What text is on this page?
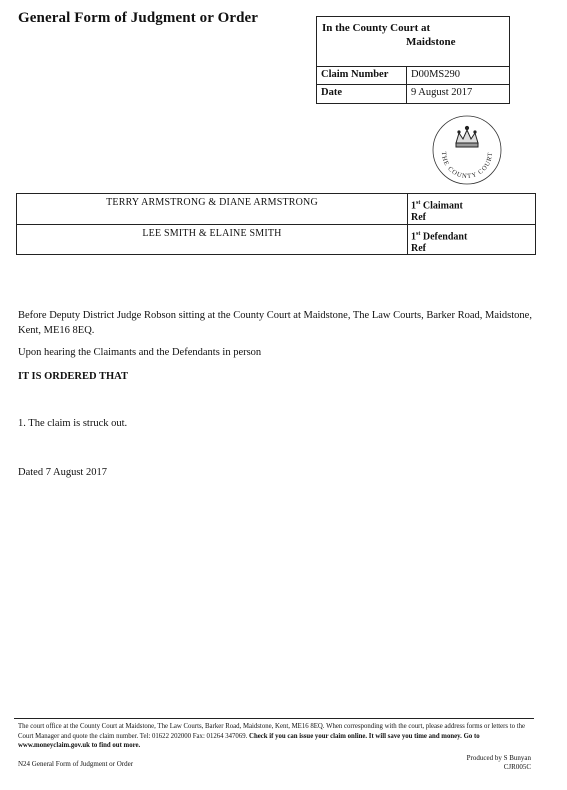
General Form of Judgment or Order
In the County Court at
Maidstone
Claim Number	D00MS290
Date	9 August 2017
THE COUNTY COURT
TERRY ARMSTRONG & DIANE ARMSTRONG	1st Claimant
Ref
LEE SMITH & ELAINE SMITH	1st Defendant
Ref
Before Deputy District Judge Robson sitting at the County Court at Maidstone, The Law Courts, Barker Road, Maidstone, Kent, ME16 8EQ.
Upon hearing the Claimants and the Defendants in person
IT IS ORDERED THAT
1. The claim is struck out.
Dated 7 August 2017
The court office at the County Court at Maidstone, The Law Courts, Barker Road, Maidstone, Kent, ME16 8EQ. When corresponding with the court, please address forms or letters to the Court Manager and quote the claim number. Tel: 01622 202000 Fax: 01264 347069. Check if you can issue your claim online. It will save you time and money. Go to www.moneyclaim.gov.uk to find out more.
N24 General Form of Judgment or Order
Produced by S Bunyan
CJR005C
